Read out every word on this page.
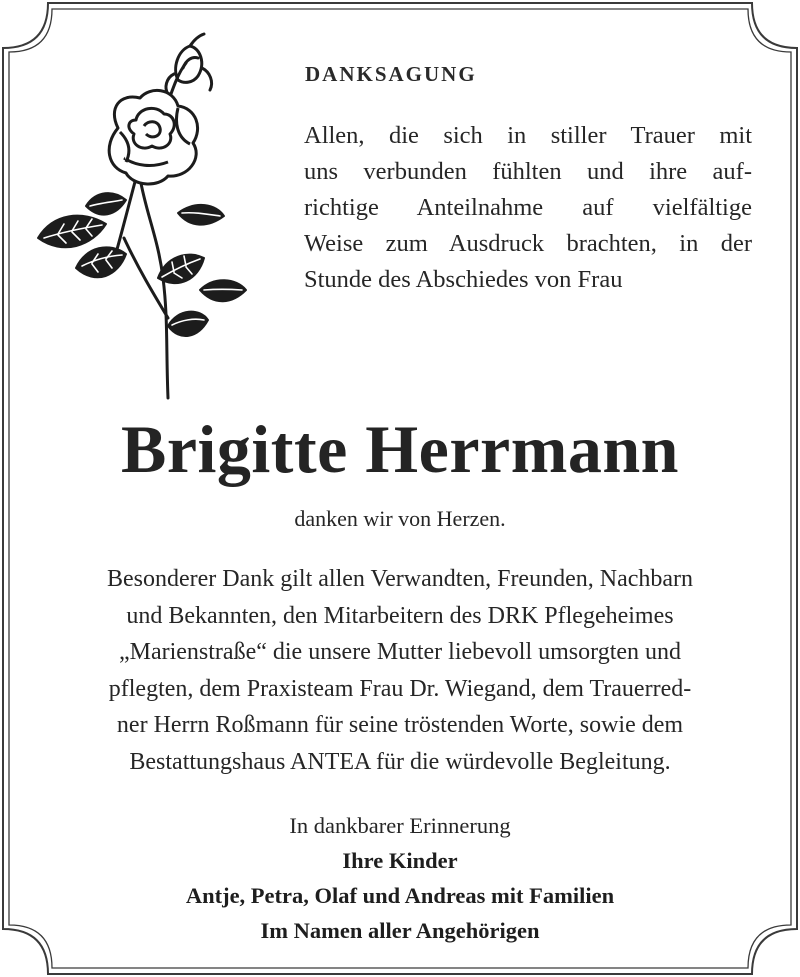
DANKSAGUNG

Allen, die sich in stiller Trauer mit
uns verbunden fühlten und ihre auf-
richtige Anteilnahme auf vielfältige
Weise zum Ausdruck brachten, in der
Stunde des Abschiedes von Frau

Brigitte Herrmann

danken wir von Herzen.

Besonderer Dank gilt allen Verwandten, Freunden, Nachbarn
und Bekannten, den Mitarbeitern des DRK Pflegeheimes
„Marienstraße“ die unsere Mutter liebevoll umsorgten und
pflegten, dem Praxisteam Frau Dr. Wiegand, dem Trauerred-
ner Herrn Roßmann für seine tröstenden Worte, sowie dem
Bestattungshaus ANTEA für die würdevolle Begleitung.

In dankbarer Erinnerung
Ihre Kinder
Antje, Petra, Olaf und Andreas mit Familien
Im Namen aller Angehörigen
